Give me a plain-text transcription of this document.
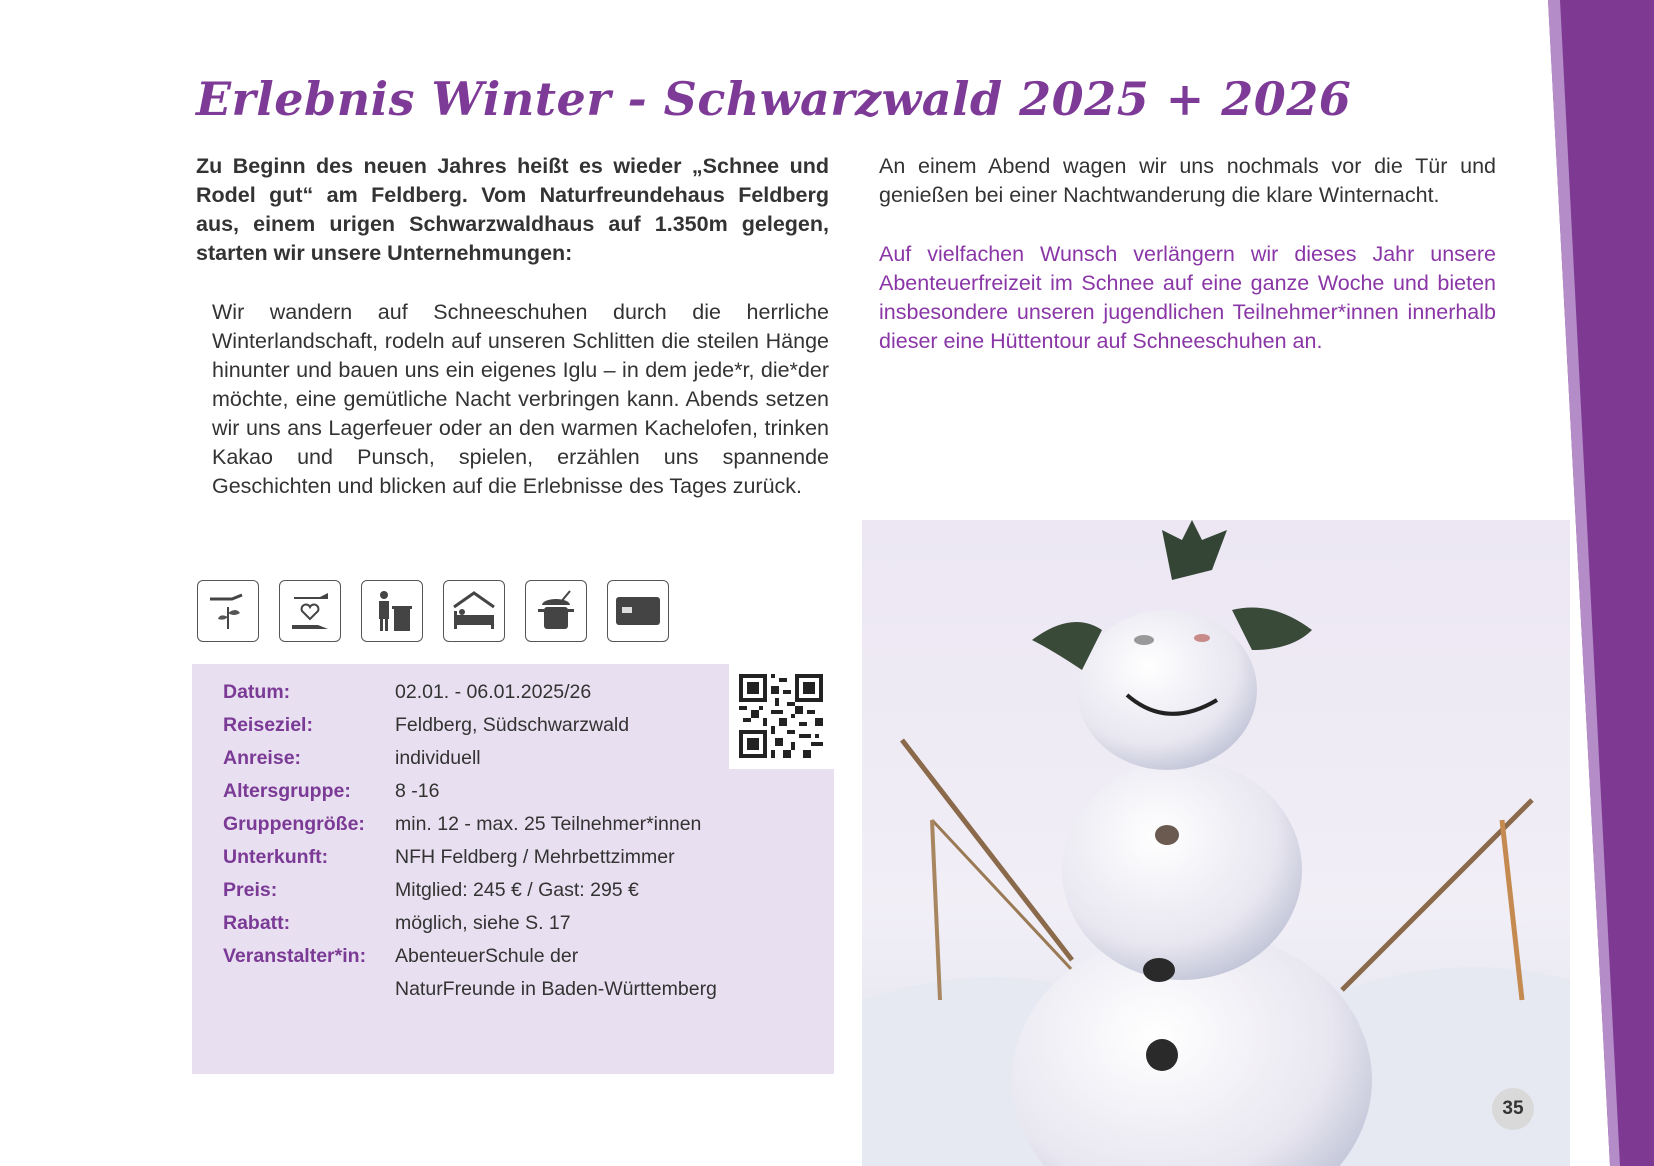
Erlebnis Winter - Schwarzwald 2025 + 2026
Zu Beginn des neuen Jahres heißt es wieder „Schnee und Rodel gut“ am Feldberg. Vom Naturfreundehaus Feldberg aus, einem urigen Schwarzwaldhaus auf 1.350m gelegen, starten wir unsere Unternehmungen:
Wir wandern auf Schneeschuhen durch die herrliche Winterlandschaft, rodeln auf unseren Schlitten die steilen Hänge hinunter und bauen uns ein eigenes Iglu – in dem jede*r, die*der möchte, eine gemütliche Nacht verbringen kann. Abends setzen wir uns ans Lagerfeuer oder an den warmen Kachelofen, trinken Kakao und Punsch, spielen, erzählen uns spannende Geschichten und blicken auf die Erlebnisse des Tages zurück.
An einem Abend wagen wir uns nochmals vor die Tür und genießen bei einer Nachtwanderung die klare Winternacht.
Auf vielfachen Wunsch verlängern wir dieses Jahr unsere Abenteuerfreizeit im Schnee auf eine ganze Woche und bieten insbesondere unseren jugendlichen Teilnehmer*innen innerhalb dieser eine Hüttentour auf Schneeschuhen an.
Datum:	02.01. - 06.01.2025/26
Reiseziel:	Feldberg, Südschwarzwald
Anreise:	individuell
Altersgruppe:	8 -16
Gruppengröße:	min. 12 - max. 25 Teilnehmer*innen
Unterkunft:	NFH Feldberg / Mehrbettzimmer
Preis:	Mitglied: 245 € / Gast: 295 €
Rabatt:	möglich, siehe S. 17
Veranstalter*in:	AbenteuerSchule der
	NaturFreunde in Baden-Württemberg
35
